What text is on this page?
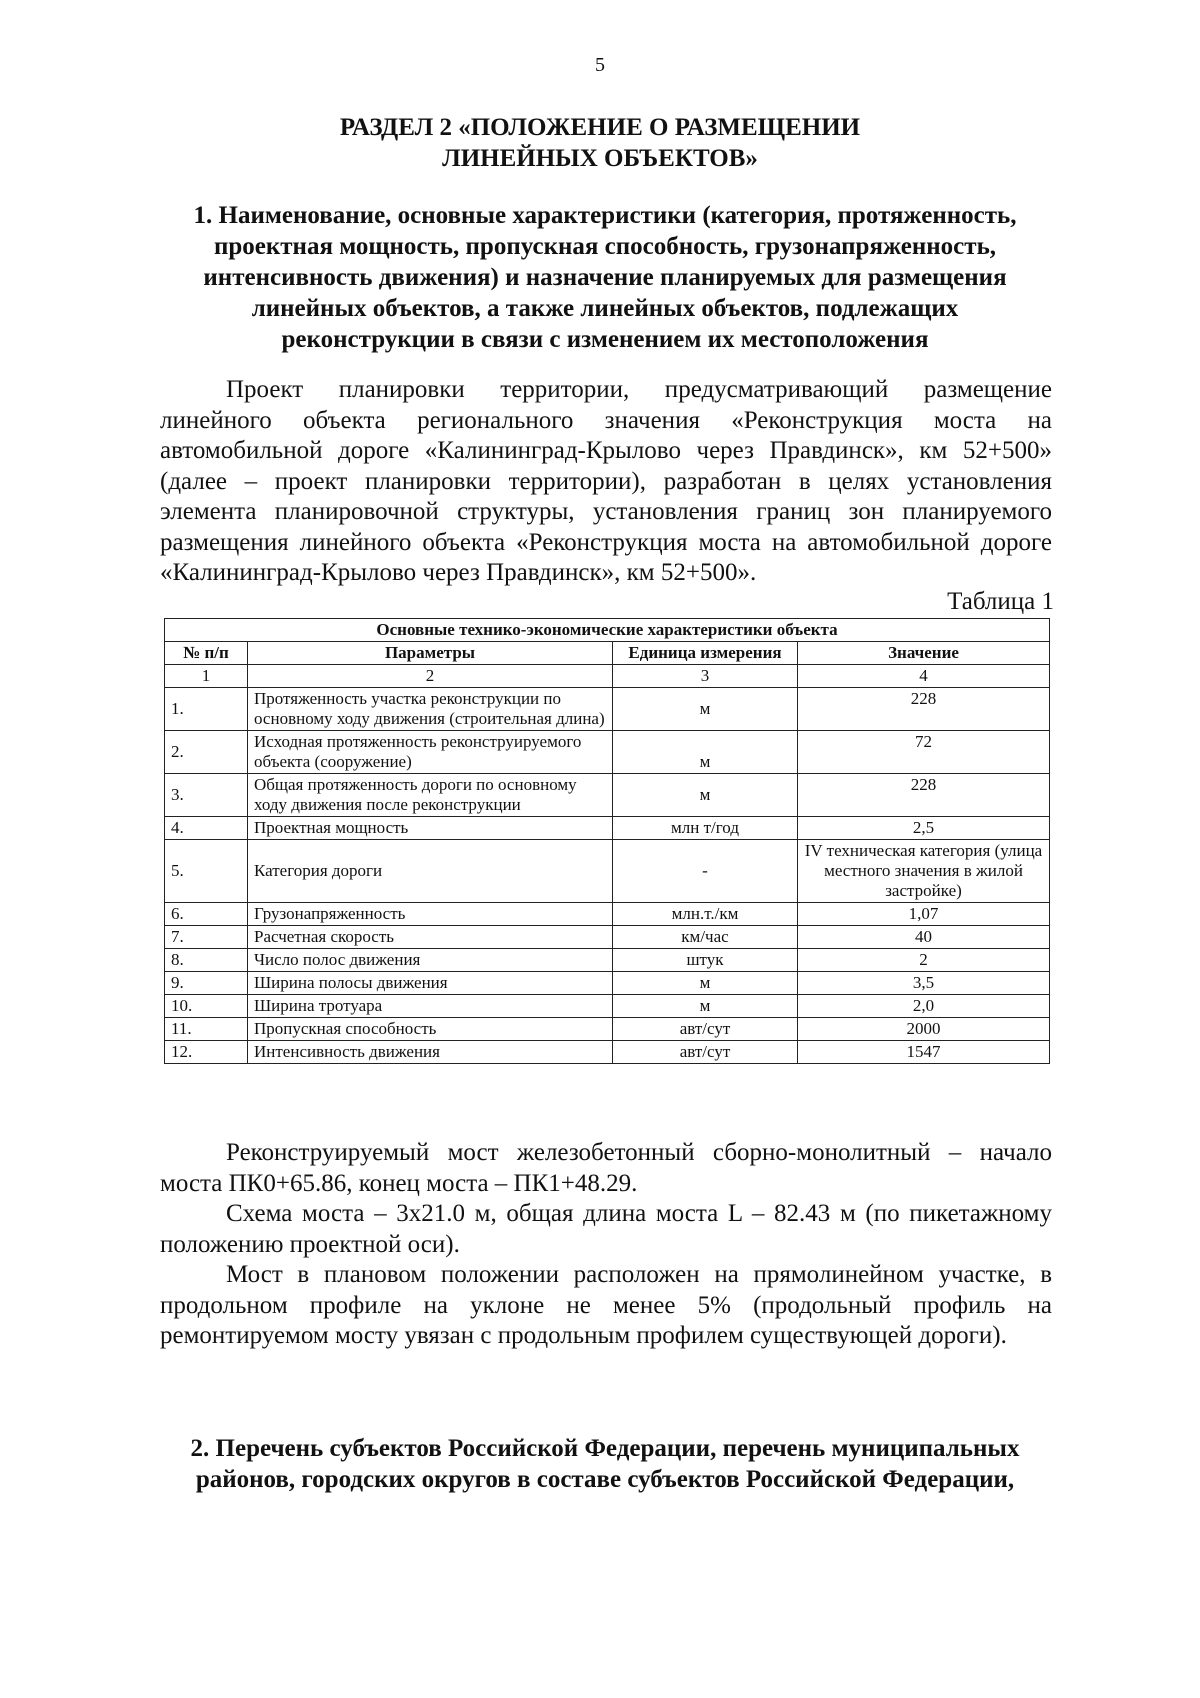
5
РАЗДЕЛ 2 «ПОЛОЖЕНИЕ О РАЗМЕЩЕНИИ
ЛИНЕЙНЫХ ОБЪЕКТОВ»
1. Наименование, основные характеристики (категория, протяженность,
проектная мощность, пропускная способность, грузонапряженность,
интенсивность движения) и назначение планируемых для размещения
линейных объектов, а также линейных объектов, подлежащих
реконструкции в связи с изменением их местоположения

Проект планировки территории, предусматривающий размещение линейного объекта регионального значения «Реконструкция моста на автомобильной дороге «Калининград-Крылово через Правдинск», км 52+500» (далее – проект планировки территории), разработан в целях установления элемента планировочной структуры, установления границ зон планируемого размещения линейного объекта «Реконструкция моста на автомобильной дороге «Калининград-Крылово через Правдинск», км 52+500».

Таблица 1
Основные технико-экономические характеристики объекта			
№ п/п	Параметры	Единица измерения	Значение
1	2	3	4
1.	Протяженность участка реконструкции по основному ходу движения (строительная длина)	м	228
2.	Исходная протяженность реконструируемого объекта (сооружение)	м	72
3.	Общая протяженность дороги по основному ходу движения после реконструкции	м	228
4.	Проектная мощность	млн т/год	2,5
5.	Категория дороги	-	IV техническая категория (улица местного значения в жилой застройке)
6.	Грузонапряженность	млн.т./км	1,07
7.	Расчетная скорость	км/час	40
8.	Число полос движения	штук	2
9.	Ширина полосы движения	м	3,5
10.	Ширина тротуара	м	2,0
11.	Пропускная способность	авт/сут	2000
12.	Интенсивность движения	авт/сут	1547

Реконструируемый мост железобетонный сборно-монолитный – начало моста ПК0+65.86, конец моста – ПК1+48.29.

Схема моста – 3х21.0 м, общая длина моста L – 82.43 м (по пикетажному положению проектной оси).

Мост в плановом положении расположен на прямолинейном участке, в продольном профиле на уклоне не менее 5% (продольный профиль на ремонтируемом мосту увязан с продольным профилем существующей дороги).

2. Перечень субъектов Российской Федерации, перечень муниципальных
районов, городских округов в составе субъектов Российской Федерации,
